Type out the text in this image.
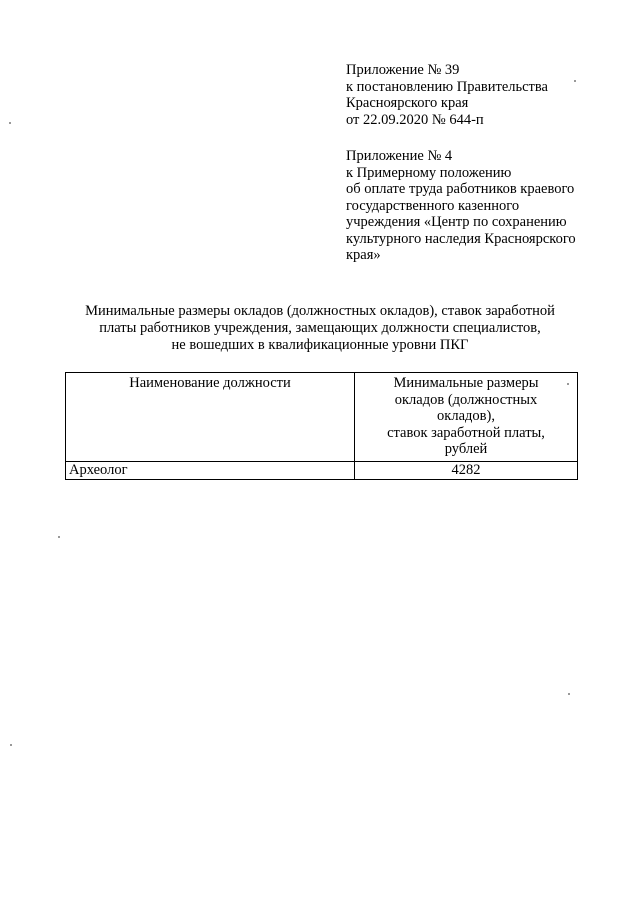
Приложение № 39
к постановлению Правительства
Красноярского края
от 22.09.2020 № 644-п
Приложение № 4
к Примерному положению
об оплате труда работников краевого
государственного казенного
учреждения «Центр по сохранению
культурного наследия Красноярского
края»
Минимальные размеры окладов (должностных окладов), ставок заработной
платы работников учреждения, замещающих должности специалистов,
не вошедших в квалификационные уровни ПКГ
Наименование должности	Минимальные размеры
окладов (должностных
окладов),
ставок заработной платы,
рублей

Археолог	4282
